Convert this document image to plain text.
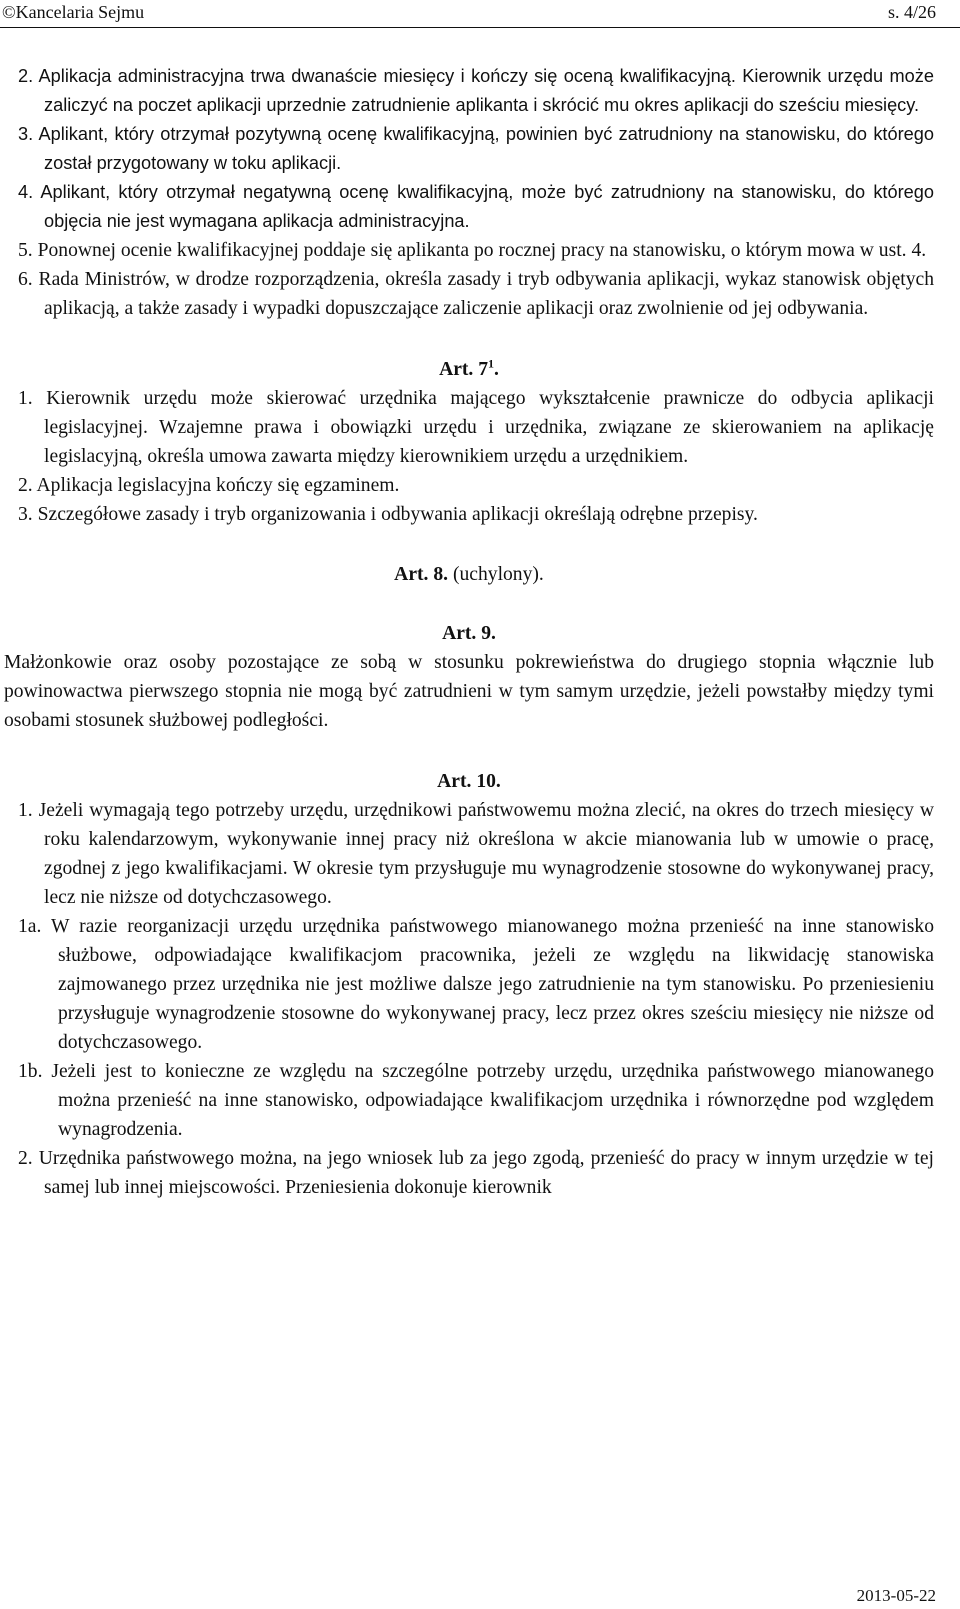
©Kancelaria Sejmu	s. 4/26

2. Aplikacja administracyjna trwa dwanaście miesięcy i kończy się oceną kwalifikacyjną. Kierownik urzędu może zaliczyć na poczet aplikacji uprzednie zatrudnienie aplikanta i skrócić mu okres aplikacji do sześciu miesięcy.

3. Aplikant, który otrzymał pozytywną ocenę kwalifikacyjną, powinien być zatrudniony na stanowisku, do którego został przygotowany w toku aplikacji.

4. Aplikant, który otrzymał negatywną ocenę kwalifikacyjną, może być zatrudniony na stanowisku, do którego objęcia nie jest wymagana aplikacja administracyjna.

5. Ponownej ocenie kwalifikacyjnej poddaje się aplikanta po rocznej pracy na stanowisku, o którym mowa w ust. 4.

6. Rada Ministrów, w drodze rozporządzenia, określa zasady i tryb odbywania aplikacji, wykaz stanowisk objętych aplikacją, a także zasady i wypadki dopuszczające zaliczenie aplikacji oraz zwolnienie od jej odbywania.

Art. $7^1$.

1. Kierownik urzędu może skierować urzędnika mającego wykształcenie prawnicze do odbycia aplikacji legislacyjnej. Wzajemne prawa i obowiązki urzędu i urzędnika, związane ze skierowaniem na aplikację legislacyjną, określa umowa zawarta między kierownikiem urzędu a urzędnikiem.

2. Aplikacja legislacyjna kończy się egzaminem.

3. Szczegółowe zasady i tryb organizowania i odbywania aplikacji określają odrębne przepisy.

Art. 8. (uchylony).

Art. 9.

Małżonkowie oraz osoby pozostające ze sobą w stosunku pokrewieństwa do drugiego stopnia włącznie lub powinowactwa pierwszego stopnia nie mogą być zatrudnieni w tym samym urzędzie, jeżeli powstałby między tymi osobami stosunek służbowej podległości.

Art. 10.

1. Jeżeli wymagają tego potrzeby urzędu, urzędnikowi państwowemu można zlecić, na okres do trzech miesięcy w roku kalendarzowym, wykonywanie innej pracy niż określona w akcie mianowania lub w umowie o pracę, zgodnej z jego kwalifikacjami. W okresie tym przysługuje mu wynagrodzenie stosowne do wykonywanej pracy, lecz nie niższe od dotychczasowego.

1a. W razie reorganizacji urzędu urzędnika państwowego mianowanego można przenieść na inne stanowisko służbowe, odpowiadające kwalifikacjom pracownika, jeżeli ze względu na likwidację stanowiska zajmowanego przez urzędnika nie jest możliwe dalsze jego zatrudnienie na tym stanowisku. Po przeniesieniu przysługuje wynagrodzenie stosowne do wykonywanej pracy, lecz przez okres sześciu miesięcy nie niższe od dotychczasowego.

1b. Jeżeli jest to konieczne ze względu na szczególne potrzeby urzędu, urzędnika państwowego mianowanego można przenieść na inne stanowisko, odpowiadające kwalifikacjom urzędnika i równorzędne pod względem wynagrodzenia.

2. Urzędnika państwowego można, na jego wniosek lub za jego zgodą, przenieść do pracy w innym urzędzie w tej samej lub innej miejscowości. Przeniesienia dokonuje kierownik

2013-05-22
